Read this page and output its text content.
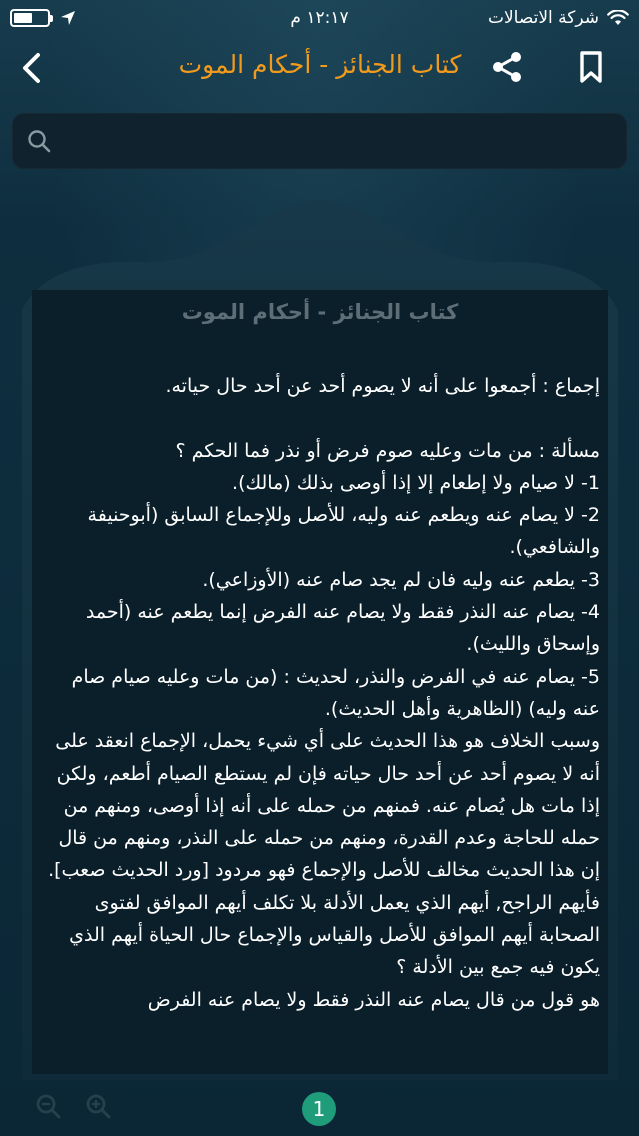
١٢:١٧ م	شركة الاتصالات
كتاب الجنائز - أحكام الموت
كتاب الجنائز - أحكام الموت
إجماع : أجمعوا على أنه لا يصوم أحد عن أحد حال حياته.

مسألة : من مات وعليه صوم فرض أو نذر فما الحكم ؟
1- لا صيام ولا إطعام إلا إذا أوصى بذلك (مالك).
2- لا يصام عنه ويطعم عنه وليه، للأصل وللإجماع السابق (أبوحنيفة والشافعي).
3- يطعم عنه وليه فان لم يجد صام عنه (الأوزاعي).
4- يصام عنه النذر فقط ولا يصام عنه الفرض إنما يطعم عنه (أحمد وإسحاق والليث).
5- يصام عنه في الفرض والنذر، لحديث : (من مات وعليه صيام صام عنه وليه) (الظاهرية وأهل الحديث).
وسبب الخلاف هو هذا الحديث على أي شيء يحمل، الإجماع انعقد على أنه لا يصوم أحد عن أحد حال حياته فإن لم يستطع الصيام أطعم، ولكن إذا مات هل يُصام عنه. فمنهم من حمله على أنه إذا أوصى، ومنهم من حمله للحاجة وعدم القدرة، ومنهم من حمله على النذر، ومنهم من قال إن هذا الحديث مخالف للأصل والإجماع فهو مردود [ورد الحديث صعب].
فأيهم الراجح, أيهم الذي يعمل الأدلة بلا تكلف أيهم الموافق لفتوى الصحابة أيهم الموافق للأصل والقياس والإجماع حال الحياة أيهم الذي يكون فيه جمع بين الأدلة ؟
هو قول من قال يصام عنه النذر فقط ولا يصام عنه الفرض
1
